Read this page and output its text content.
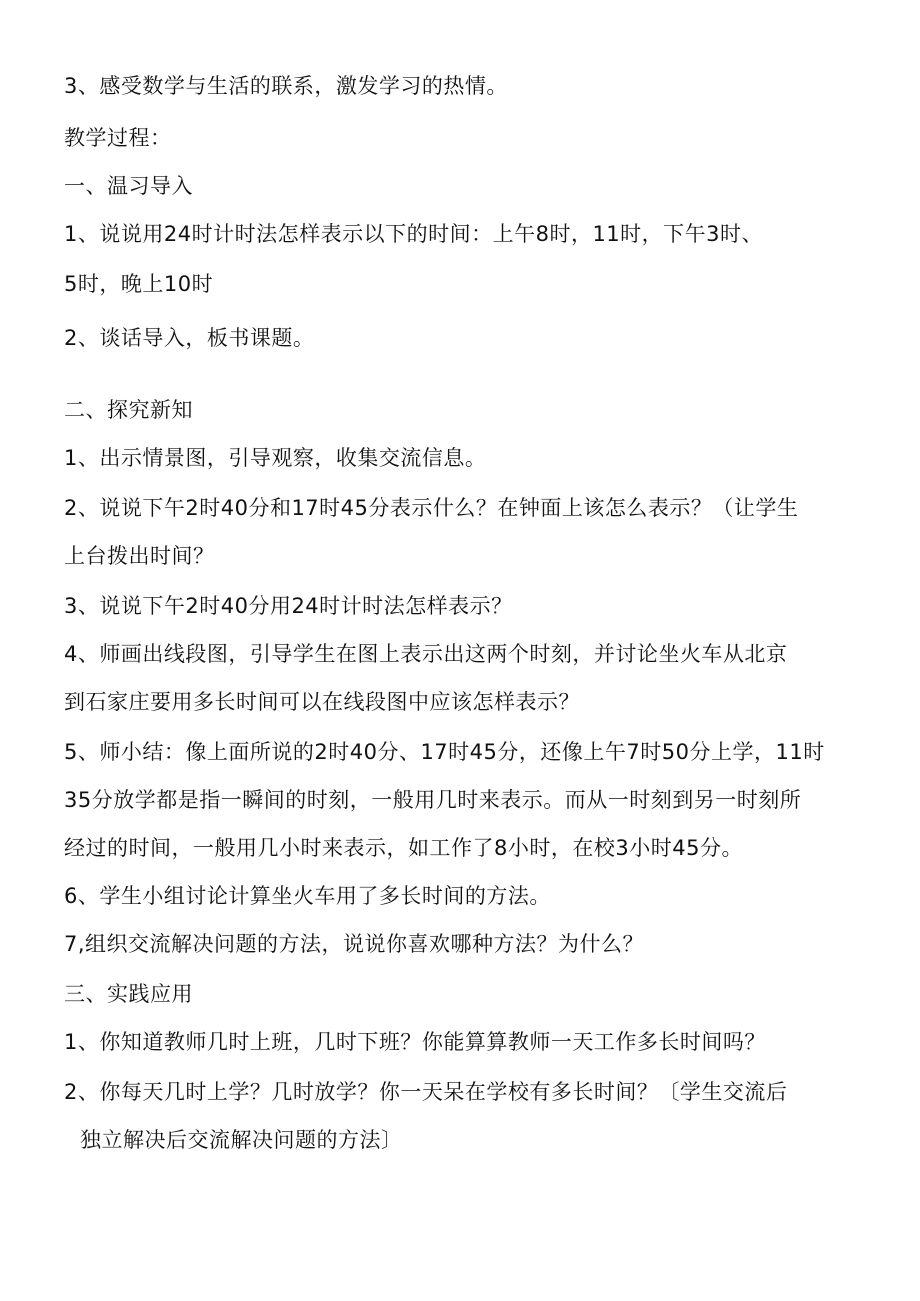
3、感受数学与生活的联系，激发学习的热情。
教学过程：
一、温习导入
1、说说用24时计时法怎样表示以下的时间：上午8时，11时，下午3时、
5时，晚上10时
2、谈话导入，板书课题。
二、探究新知
1、出示情景图，引导观察，收集交流信息。
2、说说下午2时40分和17时45分表示什么？在钟面上该怎么表示？（让学生
上台拨出时间？
3、说说下午2时40分用24时计时法怎样表示？
4、师画出线段图，引导学生在图上表示出这两个时刻，并讨论坐火车从北京
到石家庄要用多长时间可以在线段图中应该怎样表示？
5、师小结：像上面所说的2时40分、17时45分，还像上午7时50分上学，11时
35分放学都是指一瞬间的时刻，一般用几时来表示。而从一时刻到另一时刻所
经过的时间，一般用几小时来表示，如工作了8小时，在校3小时45分。
6、学生小组讨论计算坐火车用了多长时间的方法。
7,组织交流解决问题的方法，说说你喜欢哪种方法？为什么？
三、实践应用
1、你知道教师几时上班，几时下班？你能算算教师一天工作多长时间吗？
2、你每天几时上学？几时放学？你一天呆在学校有多长时间？〔学生交流后
独立解决后交流解决问题的方法〕
